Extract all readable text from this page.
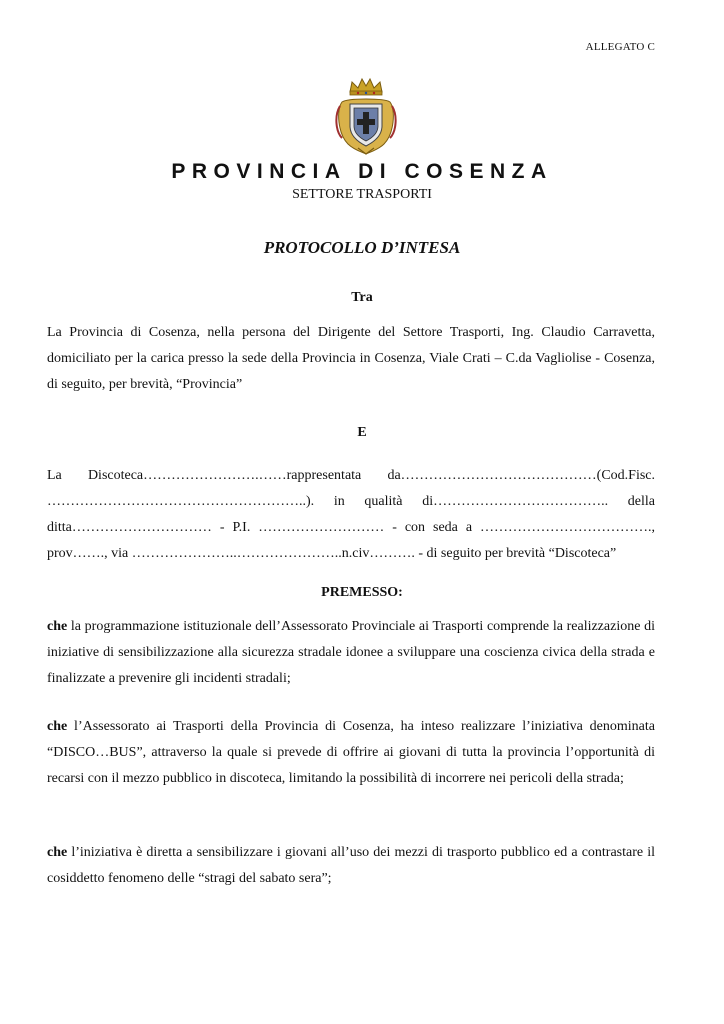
ALLEGATO C
PROVINCIA DI COSENZA
SETTORE TRASPORTI
PROTOCOLLO D’INTESA
Tra
La Provincia di Cosenza, nella persona del Dirigente del Settore Trasporti, Ing. Claudio Carravetta, domiciliato per la carica presso la sede della Provincia in Cosenza, Viale Crati – C.da Vagliolise - Cosenza, di seguito, per brevità, “Provincia”
E
La Discoteca…………………….……rappresentata da……………………………………(Cod.Fisc.
………………………………………………..). in qualità di……………………………….. della
ditta………………………… - P.I. ……………………… - con seda a ……………………………….,
prov……., via …………………..…………………..n.civ………. - di seguito per brevità “Discoteca”
PREMESSO:
che la programmazione istituzionale dell’Assessorato Provinciale ai Trasporti comprende la realizzazione di iniziative di sensibilizzazione alla sicurezza stradale idonee a sviluppare una coscienza civica della strada e finalizzate a prevenire gli incidenti stradali;
che l’Assessorato ai Trasporti della Provincia di Cosenza, ha inteso realizzare l’iniziativa denominata “DISCO…BUS”, attraverso la quale si prevede di offrire ai giovani di tutta la provincia l’opportunità di recarsi con il mezzo pubblico in discoteca, limitando la possibilità di incorrere nei pericoli della strada;
che l’iniziativa è diretta a sensibilizzare i giovani all’uso dei mezzi di trasporto pubblico ed a contrastare il cosiddetto fenomeno delle “stragi del sabato sera”;
